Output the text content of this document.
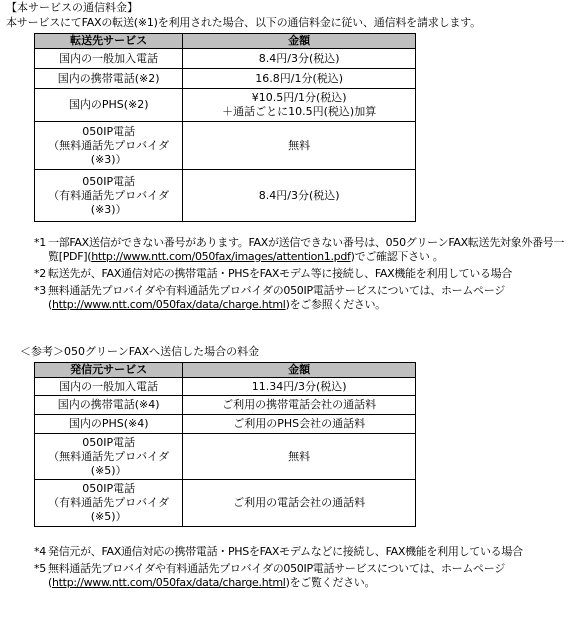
【本サービスの通信料金】
本サービスにてFAXの転送(※1)を利用された場合、以下の通信料金に従い、通信料を請求します。
転送先サービス	金額

国内の一般加入電話	8.4円/3分(税込)

国内の携帯電話(※2)	16.8円/1分(税込)

国内のPHS(※2)	¥10.5円/1分(税込)
＋通話ごとに10.5円(税込)加算

050IP電話
（無料通話先プロバイダ
(※3)）	無料

050IP電話
（有料通話先プロバイダ
(※3)）	8.4円/3分(税込)
*1 一部FAX送信ができない番号があります。FAXが送信できない番号は、050グリーンFAX転送先対象外番号一覧[PDF](http://www.ntt.com/050fax/images/attention1.pdf)でご確認下さい 。
*2 転送先が、FAX通信対応の携帯電話・PHSをFAXモデム等に接続し、FAX機能を利用している場合
*3 無料通話先プロバイダや有料通話先プロバイダの050IP電話サービスについては、ホームページ(http://www.ntt.com/050fax/data/charge.html)をご参照ください。
＜参考＞050グリーンFAXへ送信した場合の料金
発信元サービス	金額

国内の一般加入電話	11.34円/3分(税込)

国内の携帯電話(※4)	ご利用の携帯電話会社の通話料

国内のPHS(※4)	ご利用のPHS会社の通話料

050IP電話
（無料通話先プロバイダ
(※5)）	無料

050IP電話
（有料通話先プロバイダ
(※5)）	ご利用の電話会社の通話料
*4 発信元が、FAX通信対応の携帯電話・PHSをFAXモデムなどに接続し、FAX機能を利用している場合
*5 無料通話先プロバイダや有料通話先プロバイダの050IP電話サービスについては、ホームページ(http://www.ntt.com/050fax/data/charge.html)をご覧ください。
